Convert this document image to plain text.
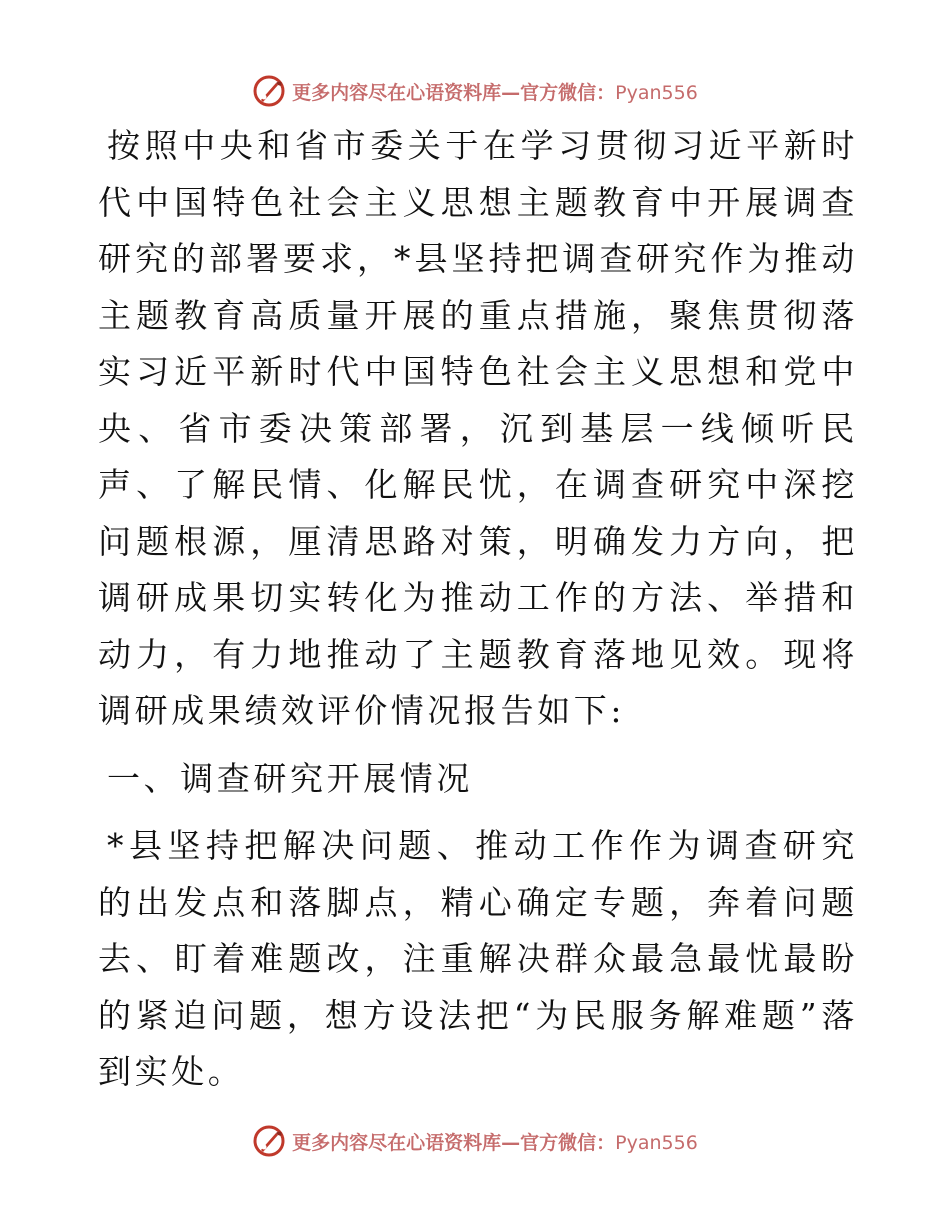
更多内容尽在心语资料库—官方微信：Pyan556

按照中央和省市委关于在学习贯彻习近平新时代中国特色社会主义思想主题教育中开展调查研究的部署要求，*县坚持把调查研究作为推动主题教育高质量开展的重点措施，聚焦贯彻落实习近平新时代中国特色社会主义思想和党中央、省市委决策部署，沉到基层一线倾听民声、了解民情、化解民忧，在调查研究中深挖问题根源，厘清思路对策，明确发力方向，把调研成果切实转化为推动工作的方法、举措和动力，有力地推动了主题教育落地见效。现将调研成果绩效评价情况报告如下:

一、调查研究开展情况

*县坚持把解决问题、推动工作作为调查研究的出发点和落脚点，精心确定专题，奔着问题去、盯着难题改，注重解决群众最急最忧最盼的紧迫问题，想方设法把“为民服务解难题”落到实处。

更多内容尽在心语资料库—官方微信：Pyan556
